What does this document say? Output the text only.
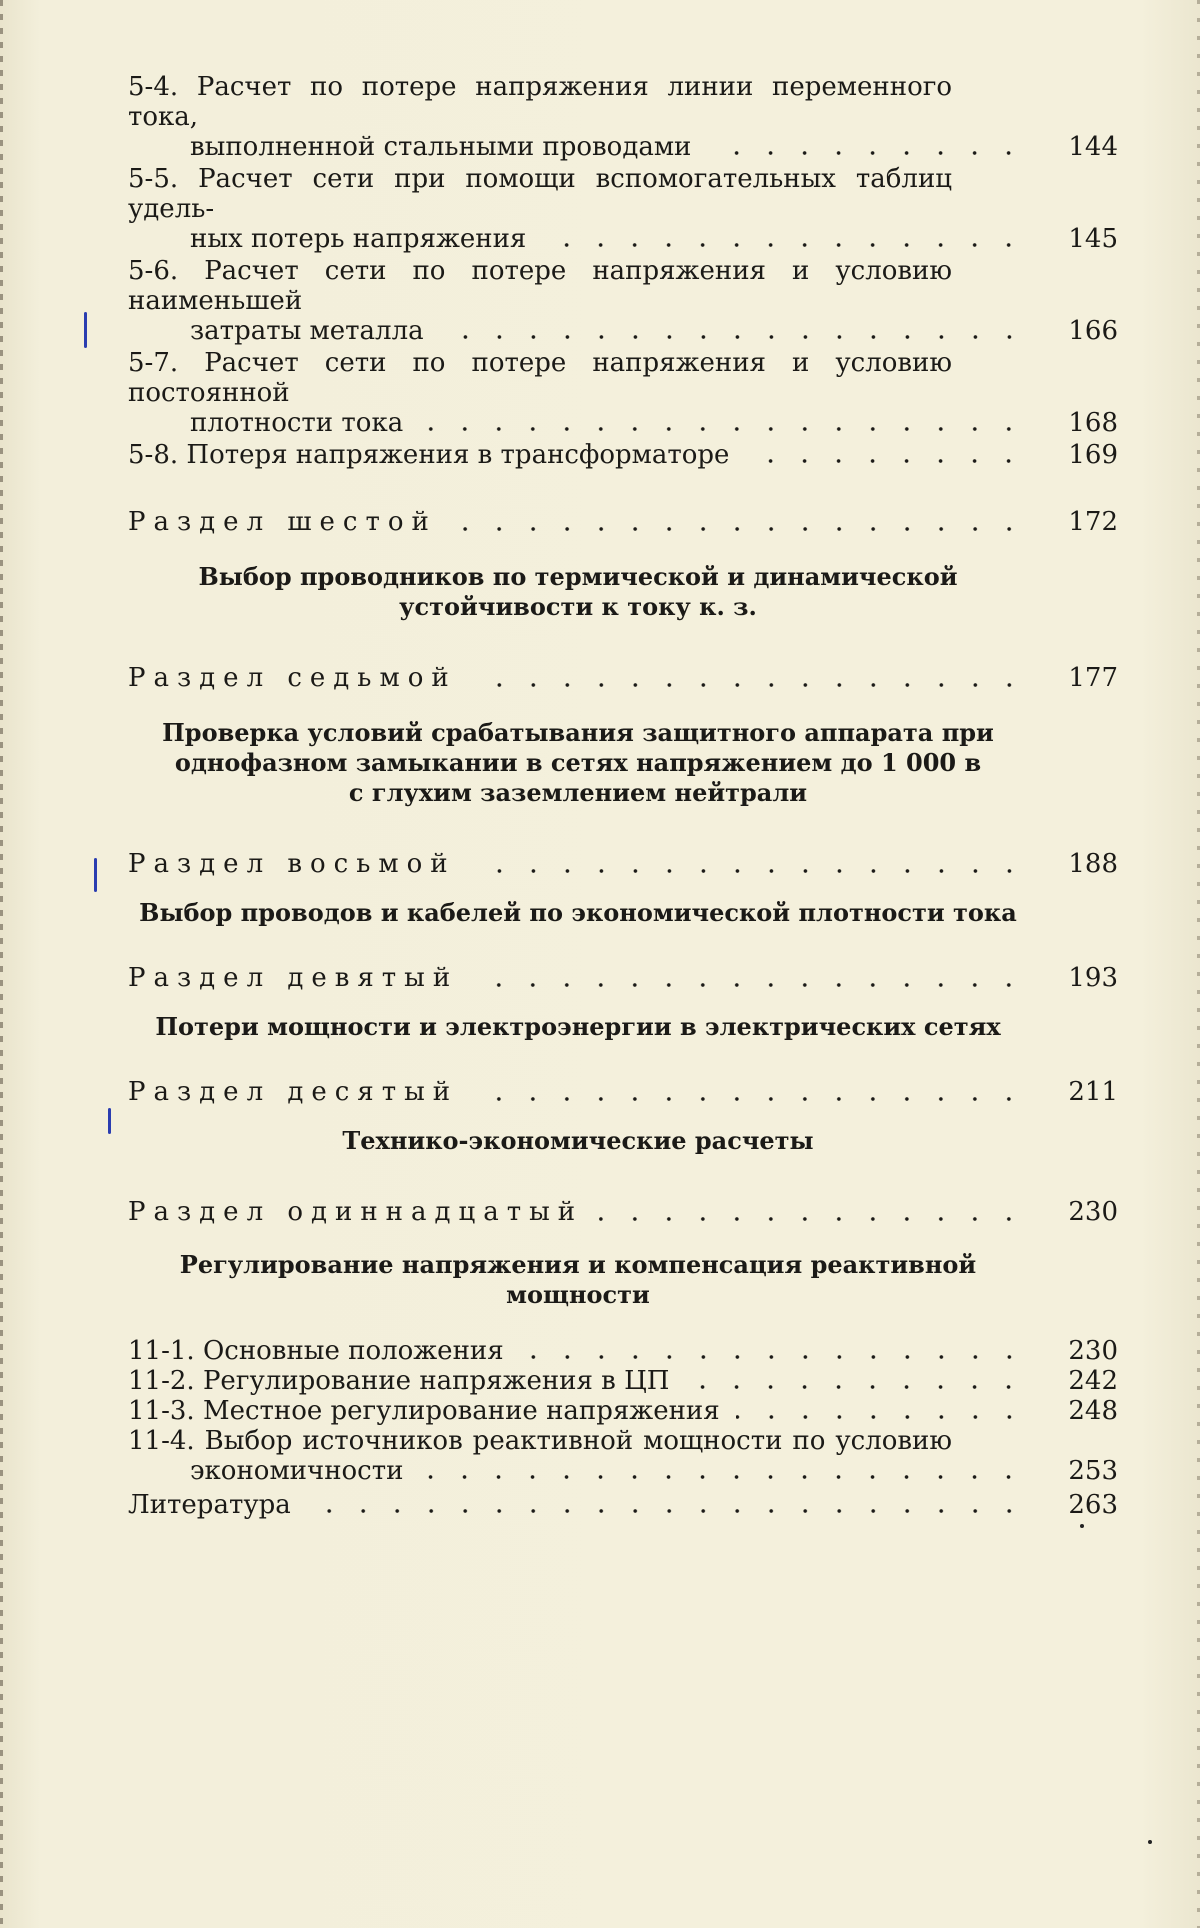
5-4. Расчет по потере напряжения линии переменного тока,
выполненной стальными проводами	144
5-5. Расчет сети при помощи вспомогательных таблиц удель-
ных потерь напряжения	145
5-6. Расчет сети по потере напряжения и условию наименьшей
затраты металла	166
5-7. Расчет сети по потере напряжения и условию постоянной
плотности тока	168
5-8. Потеря напряжения в трансформаторе	169
Раздел шестой	172
Выбор проводников по термической и динамической
устойчивости к току к. з.
Раздел седьмой	177
Проверка условий срабатывания защитного аппарата при
однофазном замыкании в сетях напряжением до 1 000 в
с глухим заземлением нейтрали
Раздел восьмой	188
Выбор проводов и кабелей по экономической плотности тока
Раздел девятый	193
Потери мощности и электроэнергии в электрических сетях
Раздел десятый	211
Технико-экономические расчеты
Раздел одиннадцатый	230
Регулирование напряжения и компенсация реактивной
мощности
11-1. Основные положения	230
11-2. Регулирование напряжения в ЦП	242
11-3. Местное регулирование напряжения	248
11-4. Выбор источников реактивной мощности по условию
экономичности	253
Литература	263
